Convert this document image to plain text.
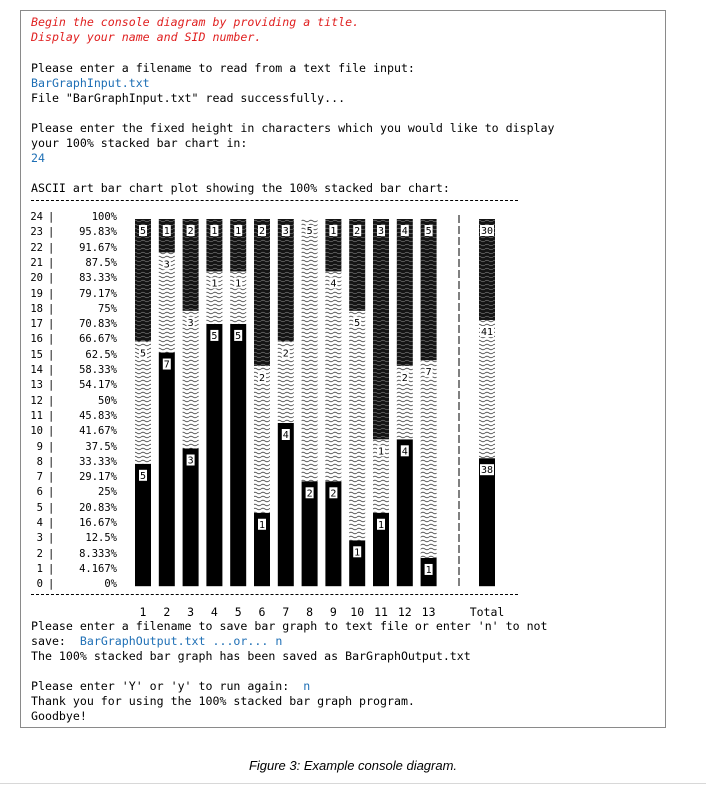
Begin the console diagram by providing a title.
Display your name and SID number.
Please enter a filename to read from a text file input:
BarGraphInput.txt
File "BarGraphInput.txt" read successfully...
Please enter the fixed height in characters which you would like to display
your 100% stacked bar chart in:
24
ASCII art bar chart plot showing the 100% stacked bar chart:
24 |	100%
23 |	95.83%
22 |	91.67%
21 |	87.5%
20 |	83.33%
19 |	79.17%
18 |	75%
17 |	70.83%
16 |	66.67%
15 |	62.5%
14 |	58.33%
13 |	54.17%
12 |	50%
11 |	45.83%
10 |	41.67%
9 |	37.5%
8 |	33.33%
7 |	29.17%
6 |	25%
5 |	20.83%
4 |	16.67%
3 |	12.5%
2 |	8.333%
1 |	4.167%
0 |	0%
5
5
5
1
7
3
1
2
3
3
2
3
5
1
1
4
5
1
1
5
1
2
2
6
4
2
3
7
2
5
8
2
4
1
9
1
5
2
10
1
1
3
11
4
2
4
12
1
7
5
13
38
41
30
Total
Please enter a filename to save bar graph to text file or enter 'n' to not
save: BarGraphOutput.txt ...or... n
The 100% stacked bar graph has been saved as BarGraphOutput.txt
Please enter 'Y' or 'y' to run again: n
Thank you for using the 100% stacked bar graph program.
Goodbye!
Figure 3: Example console diagram.
